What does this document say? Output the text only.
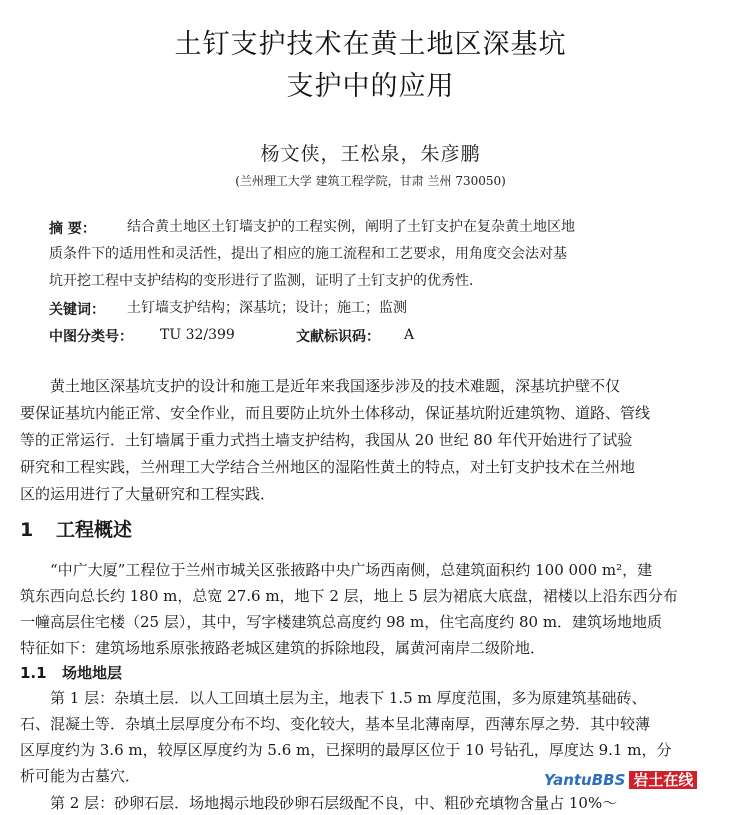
土钉支护技术在黄土地区深基坑
支护中的应用
杨文侠，王松泉，朱彦鹏
(兰州理工大学 建筑工程学院，甘肃 兰州 730050)
摘 要： 结合黄土地区土钉墙支护的工程实例，阐明了土钉支护在复杂黄土地区地
质条件下的适用性和灵活性，提出了相应的施工流程和工艺要求，用角度交会法对基
坑开挖工程中支护结构的变形进行了监测，证明了土钉支护的优秀性．
关键词： 土钉墙支护结构；深基坑；设计；施工；监测
中图分类号： TU 32/399	文献标识码： A
黄土地区深基坑支护的设计和施工是近年来我国逐步涉及的技术难题，深基坑护壁不仅
要保证基坑内能正常、安全作业，而且要防止坑外土体移动，保证基坑附近建筑物、道路、管线
等的正常运行．土钉墙属于重力式挡土墙支护结构，我国从 20 世纪 80 年代开始进行了试验
研究和工程实践，兰州理工大学结合兰州地区的湿陷性黄土的特点，对土钉支护技术在兰州地
区的运用进行了大量研究和工程实践．
1 工程概述
“中广大厦”工程位于兰州市城关区张掖路中央广场西南侧，总建筑面积约 100 000 m²，建
筑东西向总长约 180 m，总宽 27.6 m，地下 2 层，地上 5 层为裙底大底盘，裙楼以上沿东西分布
一幢高层住宅楼（25 层），其中，写字楼建筑总高度约 98 m，住宅高度约 80 m．建筑场地地质
特征如下：建筑场地系原张掖路老城区建筑的拆除地段，属黄河南岸二级阶地．
1.1 场地地层
第 1 层：杂填土层．以人工回填土层为主，地表下 1.5 m 厚度范围，多为原建筑基础砖、
石、混凝土等．杂填土层厚度分布不均、变化较大，基本呈北薄南厚，西薄东厚之势．其中较薄
区厚度约为 3.6 m，较厚区厚度约为 5.6 m，已探明的最厚区位于 10 号钻孔，厚度达 9.1 m，分
析可能为古墓穴．
第 2 层：砂卵石层．场地揭示地段砂卵石层级配不良，中、粗砂充填物含量占 10%～
YantuBBS 岩土在线
